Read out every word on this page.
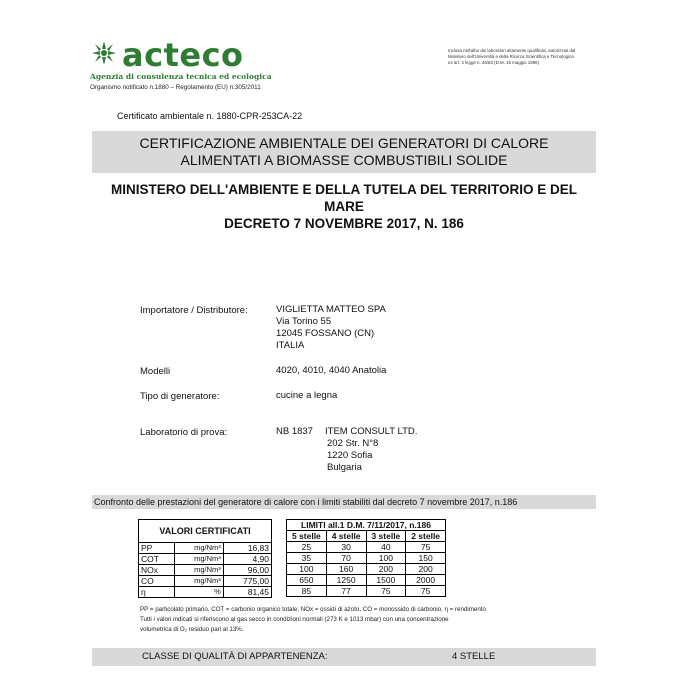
acteco
Agenzia di consulenza tecnica ed ecologica
Organismo notificato n.1880 – Regolamento (EU) n.305/2011
Inclusa nell'albo dei laboratori altamente qualificati, autorizzati dal Ministero dell'Università e della Ricerca Scientifica e Tecnologica ex art. 4 legge n. 46/83 (D.M. 15 maggio 1996)
Certificato ambientale n. 1880-CPR-253CA-22
CERTIFICAZIONE AMBIENTALE DEI GENERATORI DI CALORE
ALIMENTATI A BIOMASSE COMBUSTIBILI SOLIDE
MINISTERO DELL'AMBIENTE E DELLA TUTELA DEL TERRITORIO E DEL MARE
DECRETO 7 NOVEMBRE 2017, N. 186
Importatore / Distributore:	VIGLIETTA MATTEO SPA
Via Torino 55
12045 FOSSANO (CN)
ITALIA
Modelli	4020, 4010, 4040 Anatolia
Tipo di generatore:	cucine a legna
Laboratorio di prova:	NB 1837 ITEM CONSULT LTD.
202 Str. N°8
1220 Sofia
Bulgaria
Confronto delle prestazioni del generatore di calore con i limiti stabiliti dal decreto 7 novembre 2017, n.186
VALORI CERTIFICATI		
PP	mg/Nm³	16,83
COT	mg/Nm³	4,90
NOx	mg/Nm³	96,00
CO	mg/Nm³	775,00
η	%	81,45
LIMITI all.1 D.M. 7/11/2017, n.186			
5 stelle	4 stelle	3 stelle	2 stelle
25	30	40	75
35	70	100	150
100	160	200	200
650	1250	1500	2000
85	77	75	75
PP = particolato primario, COT = carbonio organico totale, NOx = ossidi di azoto, CO = monossido di carbonio, η = rendimento
Tutti i valori indicati si riferiscono al gas secco in condizioni normali (273 K e 1013 mbar) con una concentrazione
volumetrica di O₂ residuo pari al 13%.
CLASSE DI QUALITÀ DI APPARTENENZA:	4 STELLE
